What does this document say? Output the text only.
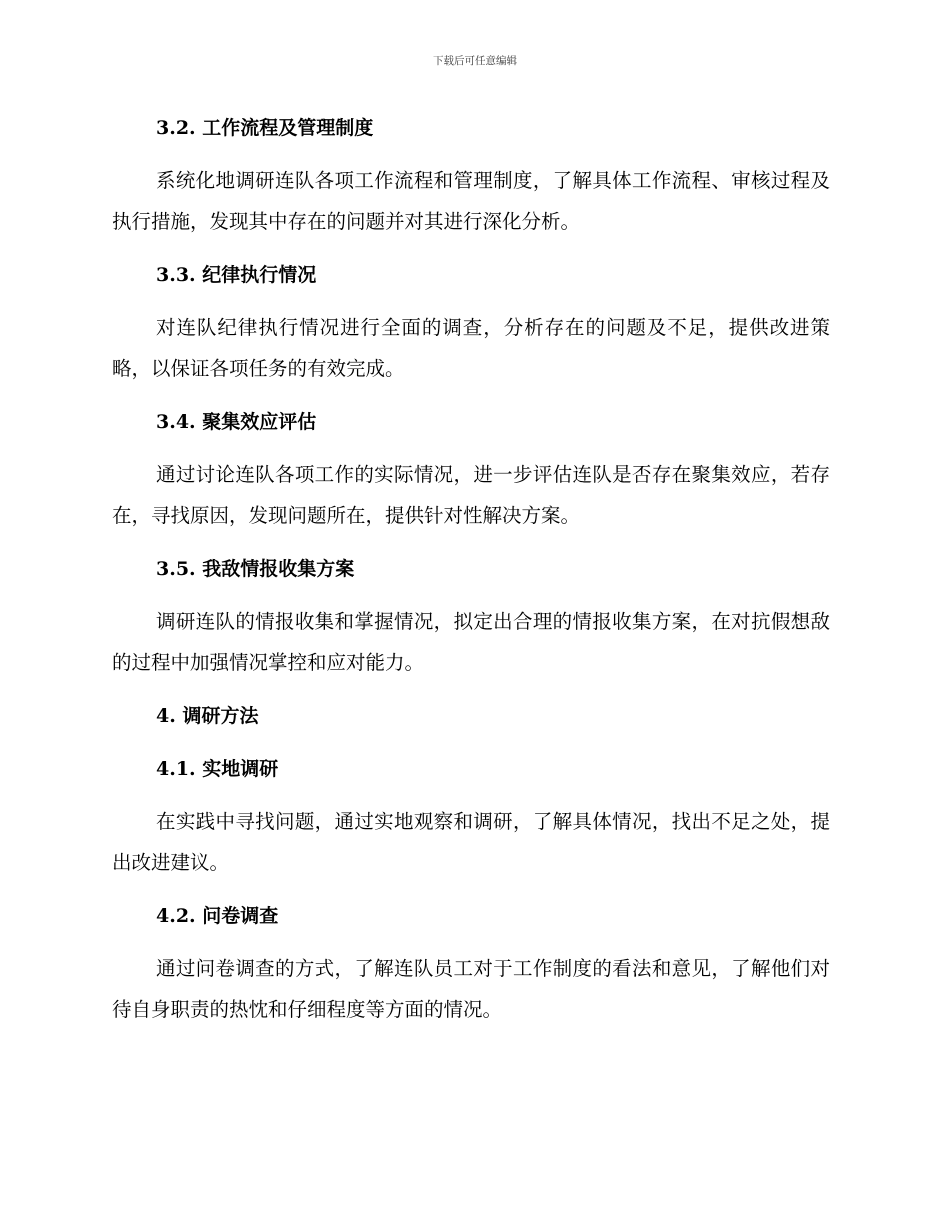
下载后可任意编辑
3.2. 工作流程及管理制度

系统化地调研连队各项工作流程和管理制度，了解具体工作流程、审核过程及执行措施，发现其中存在的问题并对其进行深化分析。

3.3. 纪律执行情况

对连队纪律执行情况进行全面的调查，分析存在的问题及不足，提供改进策略，以保证各项任务的有效完成。

3.4. 聚集效应评估

通过讨论连队各项工作的实际情况，进一步评估连队是否存在聚集效应，若存在，寻找原因，发现问题所在，提供针对性解决方案。

3.5. 我敌情报收集方案

调研连队的情报收集和掌握情况，拟定出合理的情报收集方案，在对抗假想敌的过程中加强情况掌控和应对能力。

4. 调研方法
4.1. 实地调研

在实践中寻找问题，通过实地观察和调研，了解具体情况，找出不足之处，提出改进建议。

4.2. 问卷调查

通过问卷调查的方式，了解连队员工对于工作制度的看法和意见，了解他们对待自身职责的热忱和仔细程度等方面的情况。
